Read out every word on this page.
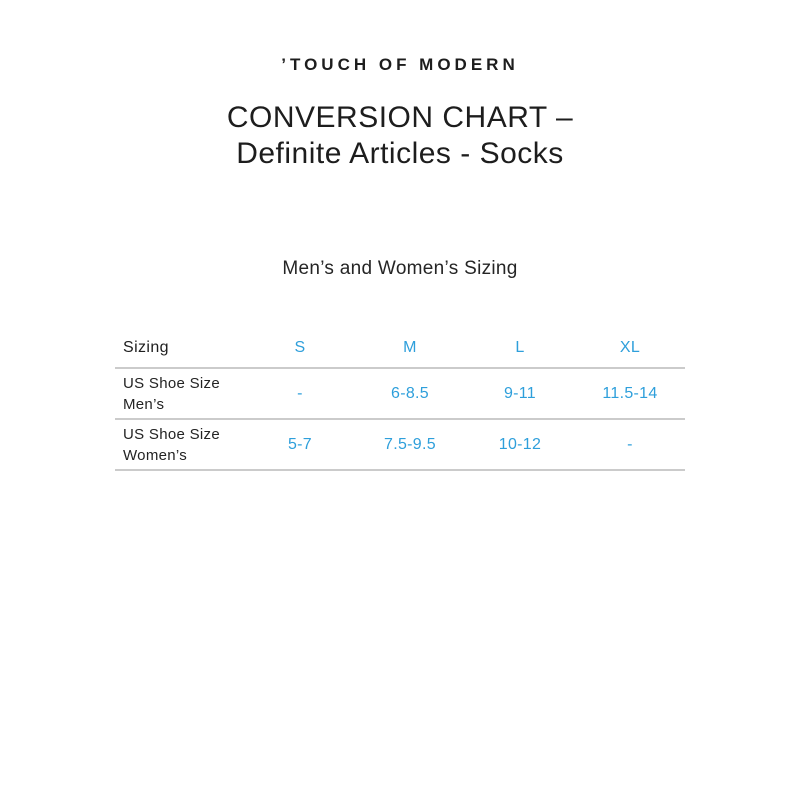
’TOUCH OF MODERN
CONVERSION CHART –
Definite Articles - Socks
Men’s and Women’s Sizing
Sizing	S	M	L	XL
US Shoe Size Men’s	-	6-8.5	9-11	11.5-14
US Shoe Size Women’s	5-7	7.5-9.5	10-12	-
